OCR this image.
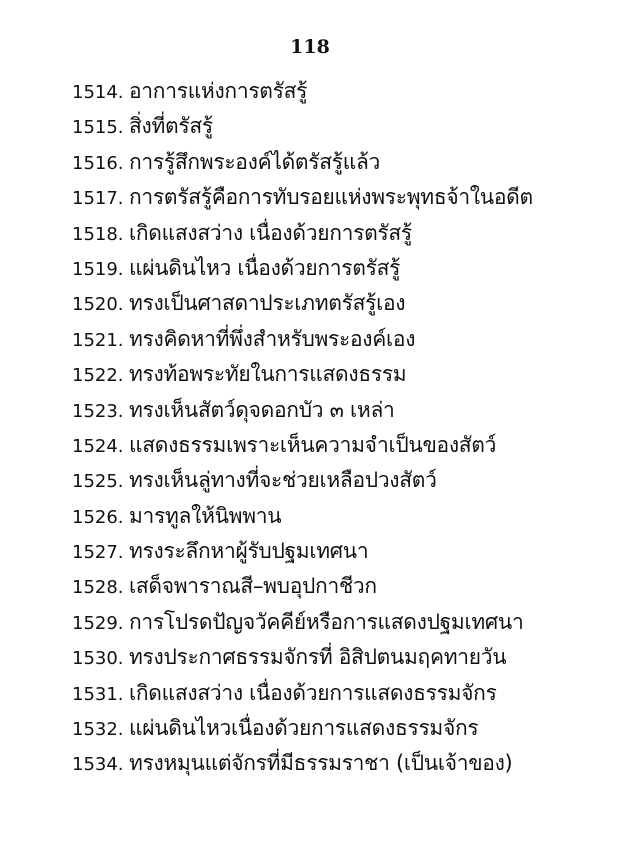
118
1514. อาการแห่งการตรัสรู้
1515. สิ่งที่ตรัสรู้
1516. การรู้สึกพระองค์ได้ตรัสรู้แล้ว
1517. การตรัสรู้คือการทับรอยแห่งพระพุทธจ้าในอดีต
1518. เกิดแสงสว่าง เนื่องด้วยการตรัสรู้
1519. แผ่นดินไหว เนื่องด้วยการตรัสรู้
1520. ทรงเป็นศาสดาประเภทตรัสรู้เอง
1521. ทรงคิดหาที่พึ่งสำหรับพระองค์เอง
1522. ทรงท้อพระทัยในการแสดงธรรม
1523. ทรงเห็นสัตว์ดุจดอกบัว ๓ เหล่า
1524. แสดงธรรมเพราะเห็นความจำเป็นของสัตว์
1525. ทรงเห็นลู่ทางที่จะช่วยเหลือปวงสัตว์
1526. มารทูลให้นิพพาน
1527. ทรงระลึกหาผู้รับปฐมเทศนา
1528. เสด็จพาราณสี–พบอุปกาชีวก
1529. การโปรดปัญจวัคคีย์หรือการแสดงปฐมเทศนา
1530. ทรงประกาศธรรมจักรที่ อิสิปตนมฤคทายวัน
1531. เกิดแสงสว่าง เนื่องด้วยการแสดงธรรมจักร
1532. แผ่นดินไหวเนื่องด้วยการแสดงธรรมจักร
1534. ทรงหมุนแต่จักรที่มีธรรมราชา (เป็นเจ้าของ)
